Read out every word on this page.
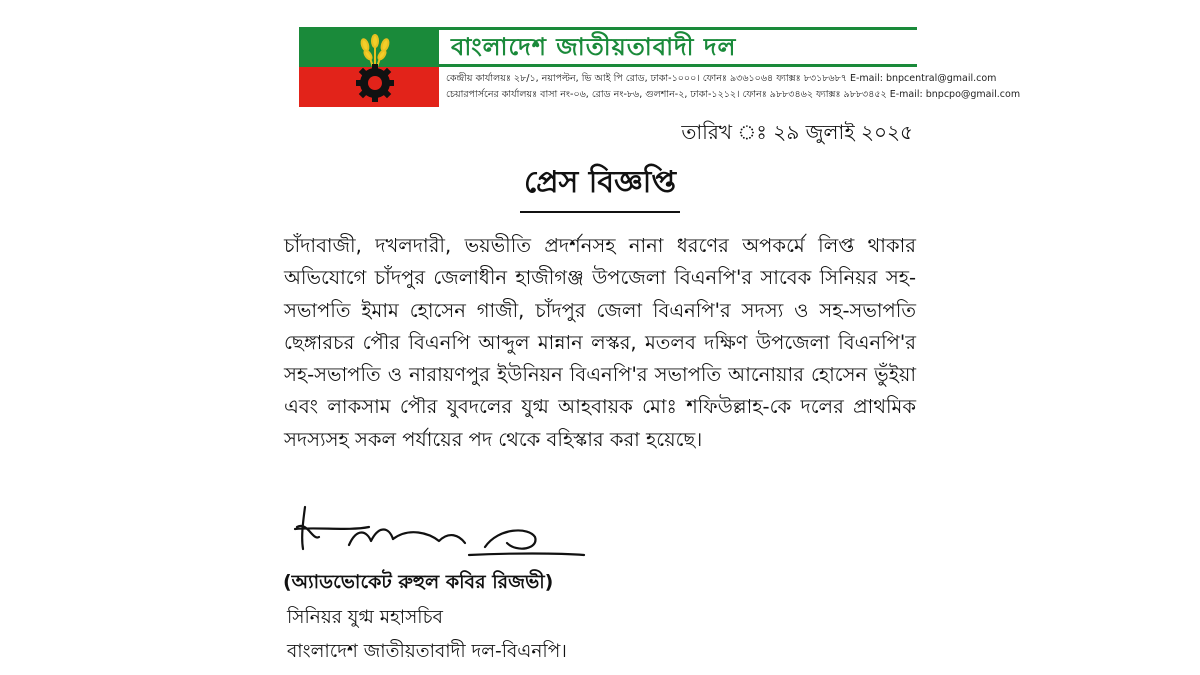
বাংলাদেশ জাতীয়তাবাদী দল
কেন্দ্রীয় কার্যালয়ঃ ২৮/১, নয়াপল্টন, ভি আই পি রোড, ঢাকা-১০০০। ফোনঃ ৯৩৬১০৬৪ ফ্যাক্সঃ ৮৩১৮৬৮৭ E-mail: bnpcentral@gmail.com
চেয়ারপার্সনের কার্যালয়ঃ বাসা নং-০৬, রোড নং-৮৬, গুলশান-২, ঢাকা-১২১২। ফোনঃ ৯৮৮৩৪৬২ ফ্যাক্সঃ ৯৮৮৩৪৫২ E-mail: bnpcpo@gmail.com
তারিখ ঃ ২৯ জুলাই ২০২৫
প্রেস বিজ্ঞপ্তি
চাঁদাবাজী, দখলদারী, ভয়ভীতি প্রদর্শনসহ নানা ধরণের অপকর্মে লিপ্ত থাকার অভিযোগে চাঁদপুর জেলাধীন হাজীগঞ্জ উপজেলা বিএনপি'র সাবেক সিনিয়র সহ-সভাপতি ইমাম হোসেন গাজী, চাঁদপুর জেলা বিএনপি'র সদস্য ও সহ-সভাপতি ছেঙ্গারচর পৌর বিএনপি আব্দুল মান্নান লস্কর, মতলব দক্ষিণ উপজেলা বিএনপি'র সহ-সভাপতি ও নারায়ণপুর ইউনিয়ন বিএনপি'র সভাপতি আনোয়ার হোসেন ভুঁইয়া এবং লাকসাম পৌর যুবদলের যুগ্ম আহবায়ক মোঃ শফিউল্লাহ-কে দলের প্রাথমিক সদস্যসহ সকল পর্যায়ের পদ থেকে বহিস্কার করা হয়েছে।
(অ্যাডভোকেট রুহুল কবির রিজভী)
সিনিয়র যুগ্ম মহাসচিব
বাংলাদেশ জাতীয়তাবাদী দল-বিএনপি।
